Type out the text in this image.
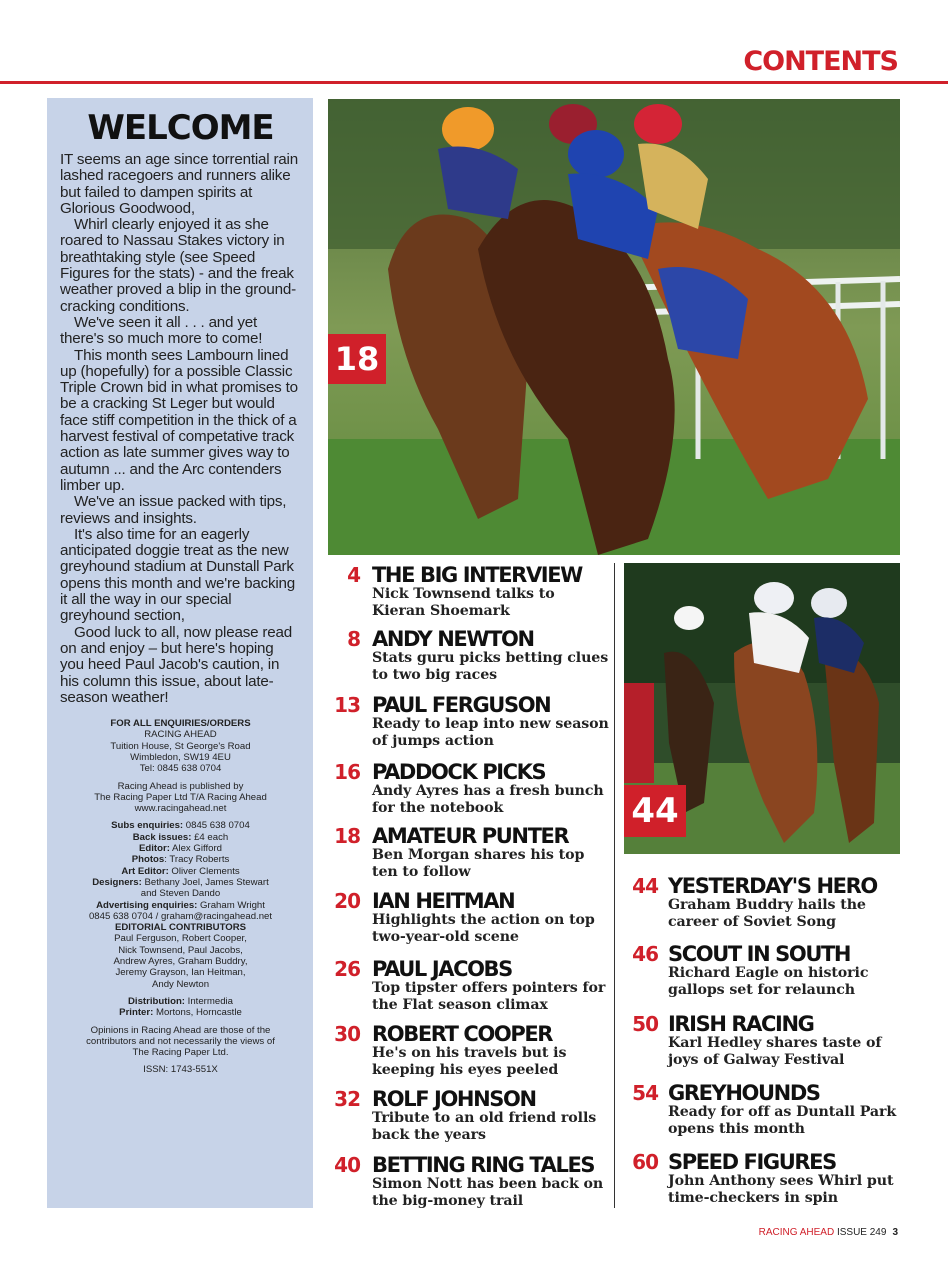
CONTENTS
WELCOME

IT seems an age since torrential rain lashed racegoers and runners alike but failed to dampen spirits at Glorious Goodwood,

Whirl clearly enjoyed it as she roared to Nassau Stakes victory in breathtaking style (see Speed Figures for the stats) - and the freak weather proved a blip in the ground-cracking conditions.

We've seen it all . . . and yet there's so much more to come!

This month sees Lambourn lined up (hopefully) for a possible Classic Triple Crown bid in what promises to be a cracking St Leger but would face stiff competition in the thick of a harvest festival of competative track action as late summer gives way to autumn ... and the Arc contenders limber up.

We've an issue packed with tips, reviews and insights.

It's also time for an eagerly anticipated doggie treat as the new greyhound stadium at Dunstall Park opens this month and we're backing it all the way in our special greyhound section,

Good luck to all, now please read on and enjoy – but here's hoping you heed Paul Jacob's caution, in his column this issue, about late-season weather!

FOR ALL ENQUIRIES/ORDERS
RACING AHEAD
Tuition House, St George's Road
Wimbledon, SW19 4EU
Tel: 0845 638 0704
Racing Ahead is published by
The Racing Paper Ltd T/A Racing Ahead
www.racingahead.net
Subs enquiries: 0845 638 0704
Back issues: £4 each
Editor: Alex Gifford
Photos: Tracy Roberts
Art Editor: Oliver Clements
Designers: Bethany Joel, James Stewart
and Steven Dando
Advertising enquiries: Graham Wright
0845 638 0704 / graham@racingahead.net
EDITORIAL CONTRIBUTORS
Paul Ferguson, Robert Cooper,
Nick Townsend, Paul Jacobs,
Andrew Ayres, Graham Buddry,
Jeremy Grayson, Ian Heitman,
Andy Newton
Distribution: Intermedia
Printer: Mortons, Horncastle
Opinions in Racing Ahead are those of the
contributors and not necessarily the views of
The Racing Paper Ltd.
ISSN: 1743-551X
18
44
4 THE BIG INTERVIEW
Nick Townsend talks to Kieran Shoemark
8 ANDY NEWTON
Stats guru picks betting clues to two big races
13 PAUL FERGUSON
Ready to leap into new season of jumps action
16 PADDOCK PICKS
Andy Ayres has a fresh bunch for the notebook
18 AMATEUR PUNTER
Ben Morgan shares his top ten to follow
20 IAN HEITMAN
Highlights the action on top two-year-old scene
26 PAUL JACOBS
Top tipster offers pointers for the Flat season climax
30 ROBERT COOPER
He's on his travels but is keeping his eyes peeled
32 ROLF JOHNSON
Tribute to an old friend rolls back the years
40 BETTING RING TALES
Simon Nott has been back on the big-money trail
44 YESTERDAY'S HERO
Graham Buddry hails the career of Soviet Song
46 SCOUT IN SOUTH
Richard Eagle on historic gallops set for relaunch
50 IRISH RACING
Karl Hedley shares taste of joys of Galway Festival
54 GREYHOUNDS
Ready for off as Duntall Park opens this month
60 SPEED FIGURES
John Anthony sees Whirl put time-checkers in spin
RACING AHEAD ISSUE 249 3
